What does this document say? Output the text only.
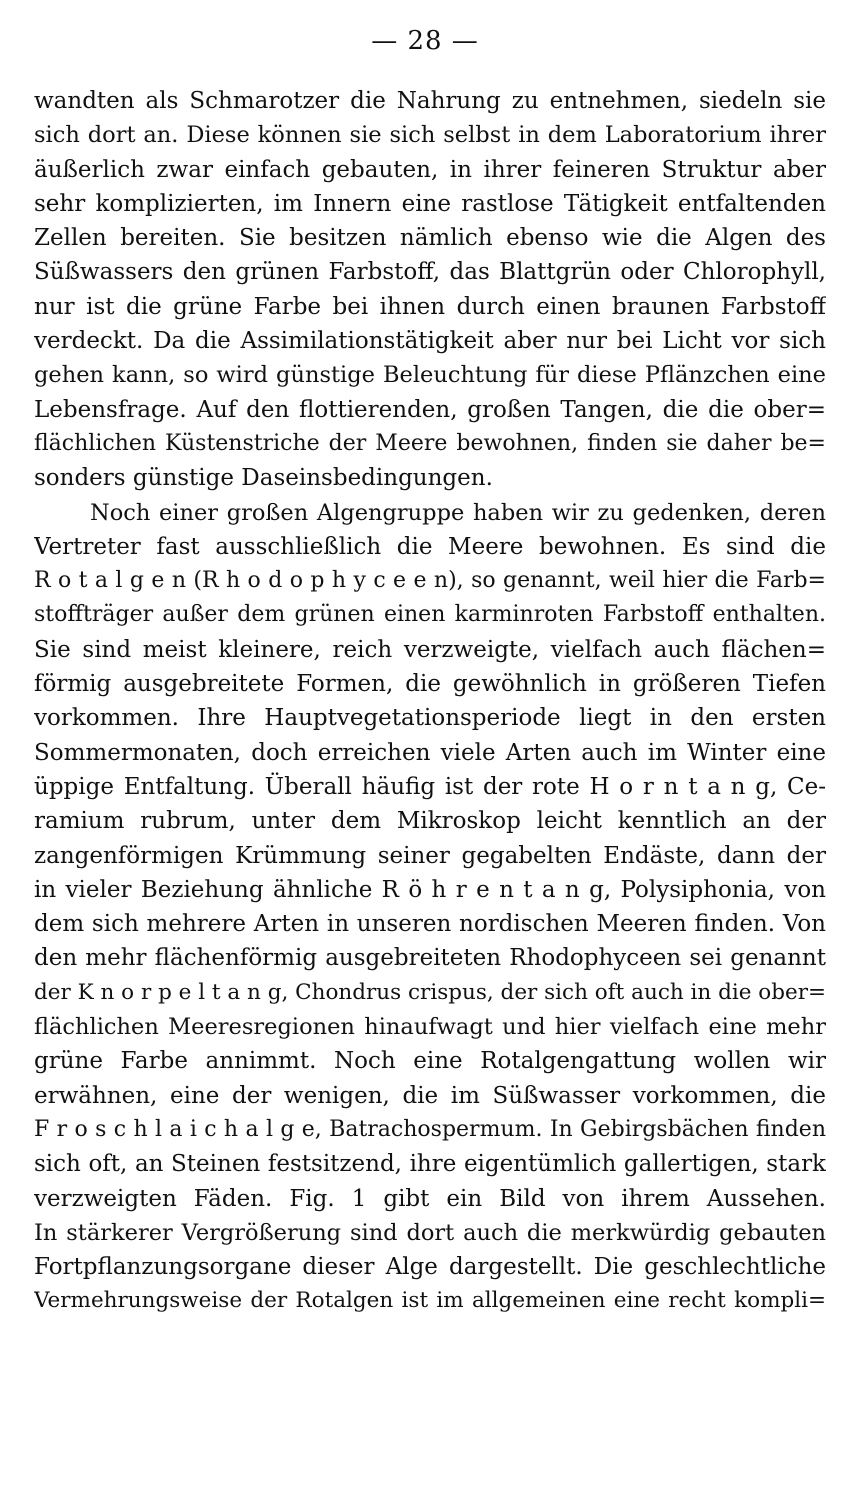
— 28 —
wandten als Schmarotzer die Nahrung zu entnehmen, siedeln sie
sich dort an. Diese können sie sich selbst in dem Laboratorium ihrer
äußerlich zwar einfach gebauten, in ihrer feineren Struktur aber
sehr komplizierten, im Innern eine rastlose Tätigkeit entfaltenden
Zellen bereiten. Sie besitzen nämlich ebenso wie die Algen des
Süßwassers den grünen Farbstoff, das Blattgrün oder Chlorophyll,
nur ist die grüne Farbe bei ihnen durch einen braunen Farbstoff
verdeckt. Da die Assimilationstätigkeit aber nur bei Licht vor sich
gehen kann, so wird günstige Beleuchtung für diese Pflänzchen eine
Lebensfrage. Auf den flottierenden, großen Tangen, die die ober=
flächlichen Küstenstriche der Meere bewohnen, finden sie daher be=
sonders günstige Daseinsbedingungen.
Noch einer großen Algengruppe haben wir zu gedenken, deren
Vertreter fast ausschließlich die Meere bewohnen. Es sind die
R o t a l g e n (R h o d o p h y c e e n), so genannt, weil hier die Farb=
stoffträger außer dem grünen einen karminroten Farbstoff enthalten.
Sie sind meist kleinere, reich verzweigte, vielfach auch flächen=
förmig ausgebreitete Formen, die gewöhnlich in größeren Tiefen
vorkommen. Ihre Hauptvegetationsperiode liegt in den ersten
Sommermonaten, doch erreichen viele Arten auch im Winter eine
üppige Entfaltung. Überall häufig ist der rote H o r n t a n g, Ce-
ramium rubrum, unter dem Mikroskop leicht kenntlich an der
zangenförmigen Krümmung seiner gegabelten Endäste, dann der
in vieler Beziehung ähnliche R ö h r e n t a n g, Polysiphonia, von
dem sich mehrere Arten in unseren nordischen Meeren finden. Von
den mehr flächenförmig ausgebreiteten Rhodophyceen sei genannt
der K n o r p e l t a n g, Chondrus crispus, der sich oft auch in die ober=
flächlichen Meeresregionen hinaufwagt und hier vielfach eine mehr
grüne Farbe annimmt. Noch eine Rotalgengattung wollen wir
erwähnen, eine der wenigen, die im Süßwasser vorkommen, die
F r o s c h l a i c h a l g e, Batrachospermum. In Gebirgsbächen finden
sich oft, an Steinen festsitzend, ihre eigentümlich gallertigen, stark
verzweigten Fäden. Fig. 1 gibt ein Bild von ihrem Aussehen.
In stärkerer Vergrößerung sind dort auch die merkwürdig gebauten
Fortpflanzungsorgane dieser Alge dargestellt. Die geschlechtliche
Vermehrungsweise der Rotalgen ist im allgemeinen eine recht kompli=
